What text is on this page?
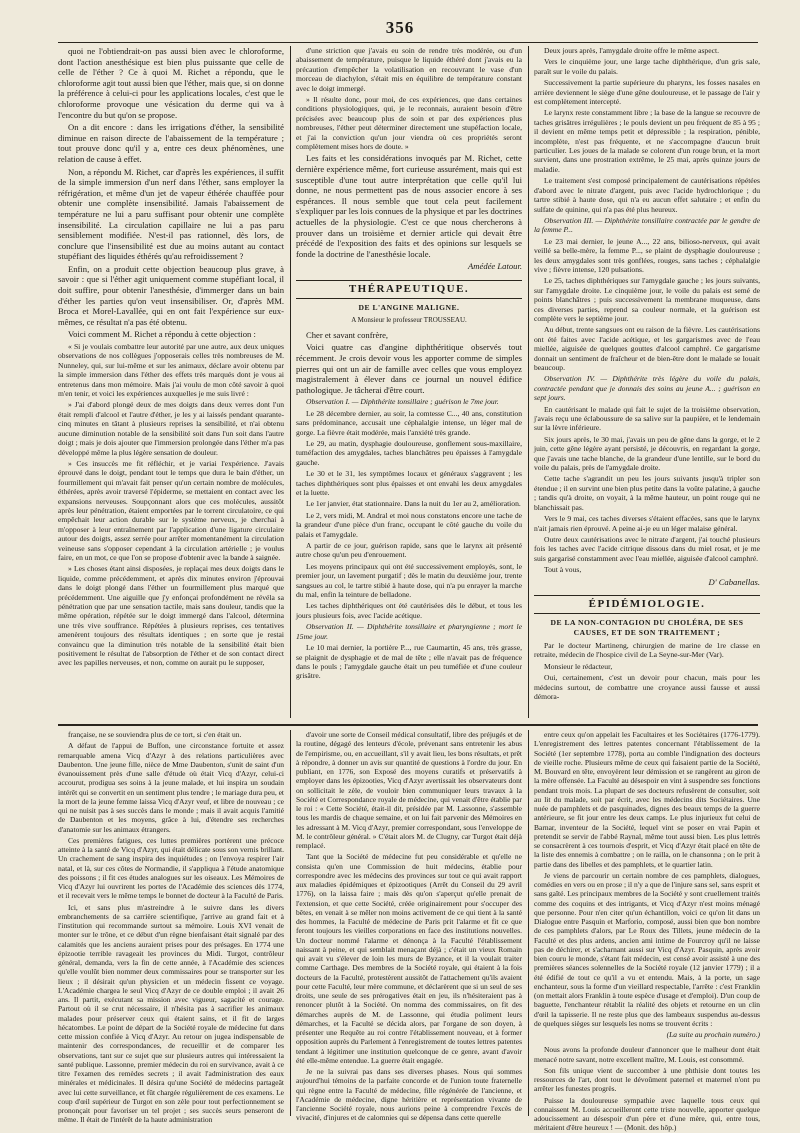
356

quoi ne l'obtiendrait-on pas aussi bien avec le chloroforme, dont l'action anesthésique est bien plus puissante que celle de celle de l'éther ? Ce à quoi M. Richet a répondu, que le chloroforme agit tout aussi bien que l'éther, mais que, si on donne la préférence à celui-ci pour les applications locales, c'est que le chloroforme provoque une vésication du derme qui va à l'encontre du but qu'on se propose.

On a dit encore : dans les irrigations d'éther, la sensibilité diminue en raison directe de l'abaissement de la température ; tout prouve donc qu'il y a, entre ces deux phénomènes, une relation de cause à effet.

Non, a répondu M. Richet, car d'après les expériences, il suffit de la simple immersion d'un nerf dans l'éther, sans employer la réfrigération, et même d'un jet de vapeur éthérée chauffée pour obtenir une complète insensibilité. Jamais l'abaissement de température ne lui a paru suffisant pour obtenir une complète insensibilité. La circulation capillaire ne lui a pas paru sensiblement modifiée. N'est-il pas rationnel, dès lors, de conclure que l'insensibilité est due au moins autant au contact stupéfiant des liquides éthérés qu'au refroidissement ?

Enfin, on a produit cette objection beaucoup plus grave, à savoir : que si l'éther agit uniquement comme stupéfiant local, il doit suffire, pour obtenir l'anesthésie, d'immerger dans un bain d'éther les parties qu'on veut insensibiliser. Or, d'après MM. Broca et Morel-Lavallée, qui en ont fait l'expérience sur eux-mêmes, ce résultat n'a pas été obtenu.

Voici comment M. Richet a répondu à cette objection :

« Si je voulais combattre leur autorité par une autre, aux deux uniques observations de nos collègues j'opposerais celles très nombreuses de M. Nunneley, qui, sur lui-même et sur les animaux, déclare avoir obtenu par la simple immersion dans l'éther des effets très marqués dont je vous ai entretenus dans mon mémoire. Mais j'ai voulu de mon côté savoir à quoi m'en tenir, et voici les expériences auxquelles je me suis livré :

» J'ai d'abord plongé deux de mes doigts dans deux verres dont l'un était rempli d'alcool et l'autre d'éther, je les y ai laissés pendant quarante-cinq minutes en tâtant à plusieurs reprises la sensibilité, et n'ai obtenu aucune diminution notable de la sensibilité soit dans l'un soit dans l'autre doigt ; mais je dois ajouter que l'immersion prolongée dans l'éther m'a pas développé même la plus légère sensation de douleur.

» Ces insuccès me fit réfléchir, et je variai l'expérience. J'avais éprouvé dans le doigt, pendant tout le temps que dura le bain d'éther, un fourmillement qui m'avait fait penser qu'un certain nombre de molécules, éthérées, après avoir traversé l'épiderme, se mettaient en contact avec les expansions nerveuses. Soupçonnant alors que ces molécules, aussitôt après leur pénétration, étaient emportées par le torrent circulatoire, ce qui empêchait leur action durable sur le système nerveux, je cherchai à m'opposer à leur entraînement par l'application d'une ligature circulaire autour des doigts, assez serrée pour arrêter momentanément la circulation veineuse sans s'opposer cependant à la circulation artérielle ; je voulus faire, en un mot, ce que l'on se propose d'obtenir avec la bande à saignée.

» Les choses étant ainsi disposées, je replaçai mes deux doigts dans le liquide, comme précédemment, et après dix minutes environ j'éprouvai dans le doigt plongé dans l'éther un fourmillement plus marqué que précédemment. Une aiguille que j'y enfonçai profondément ne révéla sa pénétration que par une sensation tactile, mais sans douleur, tandis que la même opération, répétée sur le doigt immergé dans l'alcool, détermina une très vive souffrance. Répétées à plusieurs reprises, ces tentatives amenèrent toujours des résultats identiques ; en sorte que je restai convaincu que la diminution très notable de la sensibilité était bien positivement le résultat de l'absorption de l'éther et de son contact direct avec les papilles nerveuses, et non, comme on aurait pu le supposer,

d'une striction que j'avais eu soin de rendre très modérée, ou d'un abaissement de température, puisque le liquide éthéré dont j'avais eu la précaution d'empêcher la volatilisation en recouvrant le vase d'un morceau de diachylon, s'était mis en équilibre de température constant avec le doigt immergé.

» Il résulte donc, pour moi, de ces expériences, que dans certaines conditions physiologiques, qui, je le reconnais, auraient besoin d'être précisées avec beaucoup plus de soin et par des expériences plus nombreuses, l'éther peut déterminer directement une stupéfaction locale, et j'ai la conviction qu'un jour viendra où ces propriétés seront complètement mises hors de doute. »

Les faits et les considérations invoqués par M. Richet, cette dernière expérience même, fort curieuse assurément, mais qui est susceptible d'une tout autre interprétation que celle qu'il lui donne, ne nous permettent pas de nous associer encore à ses espérances. Il nous semble que tout cela peut facilement s'expliquer par les lois connues de la physique et par les doctrines actuelles de la physiologie. C'est ce que nous chercherons à prouver dans un troisième et dernier article qui devait être précédé de l'exposition des faits et des opinions sur lesquels se fonde la doctrine de l'anesthésie locale.

Amédée Latour.

THÉRAPEUTIQUE.
DE L'ANGINE MALIGNE.
A Monsieur le professeur TROUSSEAU.

Cher et savant confrère,

Voici quatre cas d'angine diphthéritique observés tout récemment. Je crois devoir vous les apporter comme de simples pierres qui ont un air de famille avec celles que vous employez magistralement à élever dans ce journal un nouvel édifice pathologique. Je tâcherai d'être court.

Observation I. — Diphthérite tonsillaire ; guérison le 7me jour.

Le 28 décembre dernier, au soir, la comtesse C..., 40 ans, constitution sans prédominance, accusait une céphalalgie intense, un léger mal de gorge. La fièvre était modérée, mais l'anxiété très grande.

Le 29, au matin, dysphagie douloureuse, gonflement sous-maxillaire, tuméfaction des amygdales, taches blanchâtres peu épaisses à l'amygdale gauche.

Le 30 et le 31, les symptômes locaux et généraux s'aggravent ; les taches diphthériques sont plus épaisses et ont envahi les deux amygdales et la luette.

Le 1er janvier, état stationnaire. Dans la nuit du 1er au 2, amélioration.

Le 2, vers midi, M. Andral et moi nous constatons encore une tache de la grandeur d'une pièce d'un franc, occupant le côté gauche du voile du palais et l'amygdale.

A partir de ce jour, guérison rapide, sans que le larynx ait présenté autre chose qu'un peu d'enrouement.

Les moyens principaux qui ont été successivement employés, sont, le premier jour, un lavement purgatif ; dès le matin du deuxième jour, trente sangsues au col, le tartre stibié à haute dose, qui n'a pu enrayer la marche du mal, enfin la teinture de belladone.

Les taches diphthériques ont été cautérisées dès le début, et tous les jours plusieurs fois, avec l'acide acétique.

Observation II. — Diphthérite tonsillaire et pharyngienne ; mort le 15me jour.

Le 10 mai dernier, la portière P..., rue Caumartin, 45 ans, très grasse, se plaignit de dysphagie et de mal de tête ; elle n'avait pas de fréquence dans le pouls ; l'amygdale gauche était un peu tuméfiée et d'une couleur grisâtre.

Deux jours après, l'amygdale droite offre le même aspect.

Vers le cinquième jour, une large tache diphthérique, d'un gris sale, paraît sur le voile du palais.

Successivement la partie supérieure du pharynx, les fosses nasales en arrière deviennent le siège d'une gêne douloureuse, et le passage de l'air y est complètement intercepté.

Le larynx reste constamment libre ; la base de la langue se recouvre de taches grisâtres irrégulières ; le pouls devient un peu fréquent de 85 à 95 ; il devient en même temps petit et dépressible ; la respiration, pénible, incomplète, n'est pas fréquente, et ne s'accompagne d'aucun bruit particulier. Les joues de la malade se colorent d'un rouge brun, et la mort survient, dans une prostration extrême, le 25 mai, après quinze jours de maladie.

Le traitement s'est composé principalement de cautérisations répétées d'abord avec le nitrate d'argent, puis avec l'acide hydrochlorique ; du tartre stibié à haute dose, qui n'a eu aucun effet salutaire ; et enfin du sulfate de quinine, qui n'a pas été plus heureux.

Observation III. — Diphthérite tonsillaire contractée par le gendre de la femme P...

Le 23 mai dernier, le jeune A..., 22 ans, bilioso-nerveux, qui avait veillé sa belle-mère, la femme P..., se plaint de dysphagie douloureuse ; les deux amygdales sont très gonflées, rouges, sans taches ; céphalalgie vive ; fièvre intense, 120 pulsations.

Le 25, taches diphthériques sur l'amygdale gauche ; les jours suivants, sur l'amygdale droite. Le cinquième jour, le voile du palais est semé de points blanchâtres ; puis successivement la membrane muqueuse, dans ces diverses parties, reprend sa couleur normale, et la guérison est complète vers le septième jour.

Au début, trente sangsues ont eu raison de la fièvre. Les cautérisations ont été faites avec l'acide acétique, et les gargarismes avec de l'eau miellée, aiguisée de quelques gouttes d'alcool camphré. Ce gargarisme donnait un sentiment de fraîcheur et de bien-être dont le malade se louait beaucoup.

Observation IV. — Diphthérite très légère du voile du palais, contractée pendant que je donnais des soins au jeune A... ; guérison en sept jours.

En cautérisant le malade qui fait le sujet de la troisième observation, j'avais reçu une éclaboussure de sa salive sur la paupière, et le lendemain sur la lèvre inférieure.

Six jours après, le 30 mai, j'avais un peu de gêne dans la gorge, et le 2 juin, cette gêne légère ayant persisté, je découvris, en regardant la gorge, que j'avais une tache blanche, de la grandeur d'une lentille, sur le bord du voile du palais, près de l'amygdale droite.

Cette tache s'agrandit un peu les jours suivants jusqu'à tripler son étendue ; il en survint une bien plus petite dans la voûte palatine, à gauche ; tandis qu'à droite, on voyait, à la même hauteur, un point rouge qui ne blanchissait pas.

Vers le 9 mai, ces taches diverses s'étaient effacées, sans que le larynx n'ait jamais rien éprouvé. A peine ai-je eu un léger malaise général.

Outre deux cautérisations avec le nitrate d'argent, j'ai touché plusieurs fois les taches avec l'acide citrique dissous dans du miel rosat, et je me suis gargarisé constamment avec l'eau miellée, aiguisée d'alcool camphré.

Tout à vous,

D' Cabanellas.

ÉPIDÉMIOLOGIE.
DE LA NON-CONTAGION DU CHOLÉRA, DE SES CAUSES, ET DE SON TRAITEMENT ;

Par le docteur Martineng, chirurgien de marine de 1re classe en retraite, médecin de l'hospice civil de La Seyne-sur-Mer (Var).

Monsieur le rédacteur,

Oui, certainement, c'est un devoir pour chacun, mais pour les médecins surtout, de combattre une croyance aussi fausse et aussi démora-

française, ne se souviendra plus de ce tort, si c'en était un.

A défaut de l'appui de Buffon, une circonstance fortuite et assez remarquable amena Vicq d'Azyr à des relations particulières avec Daubenton. Une jeune fille, nièce de Mme Daubenton, s'unit de saint d'un évanouissement près d'une salle d'étude où était Vicq d'Azyr, celui-ci accourut, prodigua ses soins à la jeune malade, et lui inspira un soudain intérêt qui se convertit en un sentiment plus tendre ; le mariage dura peu, et la mort de la jeune femme laissa Vicq d'Azyr veuf, et libre de nouveau ; ce qui ne nuisit pas à ses succès dans le monde ; mais il avait acquis l'amitié de Daubenton et les moyens, grâce à lui, d'étendre ses recherches d'anatomie sur les animaux étrangers.

Ces premières fatigues, ces luttes premières portèrent une précoce atteinte à la santé de Vicq d'Azyr, qui était délicate sous son vernis brillant. Un crachement de sang inspira des inquiétudes ; on l'envoya respirer l'air natal, et là, sur ces côtes de Normandie, il s'appliqua à l'étude anatomique des poissons ; il fit ces études analogues sur les oiseaux. Les Mémoires de Vicq d'Azyr lui ouvrirent les portes de l'Académie des sciences dès 1774, et il recevait vers le même temps le bonnet de docteur à la Faculté de Paris.

Ici, et sans plus m'astreindre à le suivre dans les divers embranchements de sa carrière scientifique, j'arrive au grand fait et à l'institution qui recommande surtout sa mémoire. Louis XVI venait de monter sur le trône, et ce début d'un règne bienfaisant était signalé par des calamités que les anciens auraient prises pour des présages. En 1774 une épizootie terrible ravageait les provinces du Midi. Turgot, contrôleur général, demanda, vers la fin de cette année, à l'Académie des sciences qu'elle voulût bien nommer deux commissaires pour se transporter sur les lieux ; il désirait qu'un physicien et un médecin fissent ce voyage. L'Académie chargea le seul Vicq d'Azyr de ce double emploi ; il avait 26 ans. Il partit, exécutant sa mission avec vigueur, sagacité et courage. Partout où il se crut nécessaire, il n'hésita pas à sacrifier les animaux malades pour préserver ceux qui étaient sains, et il fit de larges hécatombes. Le point de départ de la Société royale de médecine fut dans cette mission confiée à Vicq d'Azyr. Au retour on jugea indispensable de maintenir des correspondances, de recueillir et de comparer les observations, tant sur ce sujet que sur plusieurs autres qui intéressaient la santé publique. Lassonne, premier médecin du roi en survivance, avait à ce titre l'examen des remèdes secrets ; il avait l'administration des eaux minérales et médicinales. Il désira qu'une Société de médecins partageât avec lui cette surveillance, et fût chargée régulièrement de ces examens. Le coup d'œil supérieur de Turgot en son zèle pour tout perfectionnement se prononçait pour favoriser un tel projet ; ses succès seurs penseront de même. Il était de l'intérêt de la haute administration

d'avoir une sorte de Conseil médical consultatif, libre des préjugés et de la routine, dégagé des lenteurs d'école, prévenant sans entretenir les abus de l'empirisme, ou, en accueillant, s'il y avait lieu, les bons résultats, et prêt à répondre, à donner un avis sur quantité de questions à l'ordre du jour. En publiant, en 1776, son Exposé des moyens curatifs et préservatifs à employer dans les épizooties, Vicq d'Azyr avertissait les observateurs dont on sollicitait le zèle, de vouloir bien communiquer leurs travaux à la Société et Correspondance royale de médecine, qui venait d'être établie par le roi : « Cette Société, était-il dit, présidée par M. Lassonne, s'assemble tous les mardis de chaque semaine, et on lui fait parvenir des Mémoires en les adressant à M. Vicq d'Azyr, premier correspondant, sous l'enveloppe de M. le contrôleur général. » C'était alors M. de Clugny, car Turgot était déjà remplacé.

Tant que la Société de médecine fut peu considérable et qu'elle ne consista qu'en une Commission de huit médecins, établie pour correspondre avec les médecins des provinces sur tout ce qui avait rapport aux maladies épidémiques et épizootiques (Arrêt du Conseil du 29 avril 1776), on la laissa faire ; mais dès qu'on s'aperçut qu'elle prenait de l'extension, et que cette Société, créée originairement pour s'occuper des bêtes, en venait à se mêler non moins activement de ce qui tient à la santé des hommes, la Faculté de médecine de Paris prit l'alarme et fit ce que feront toujours les vieilles corporations en face des institutions nouvelles. Un docteur nommé l'alarme et dénonça à la Faculté l'établissement naissant à peine, et qui semblait menaçant déjà ; c'était un vieux Romain qui avait vu s'élever de loin les murs de Byzance, et il la voulait traiter comme Carthage. Des membres de la Société royale, qui étaient à la fois docteurs de la Faculté, protestèrent aussitôt de l'attachement qu'ils avaient pour cette Faculté, leur mère commune, et déclarèrent que si un seul de ses droits, une seule de ses prérogatives était en jeu, ils n'hésiteraient pas à renoncer plutôt à la Société. On nomma des commissaires, on fit des démarches auprès de M. de Lassonne, qui étudia poliment leurs démarches, et la Faculté se décida alors, par l'organe de son doyen, à présenter une Requête au roi contre l'établissement nouveau, et à former opposition auprès du Parlement à l'enregistrement de toutes lettres patentes tendant à légitimer une institution quelconque de ce genre, avant d'avoir été elle-même entendue. La guerre était engagée.

Je ne la suivrai pas dans ses diverses phases. Nous qui sommes aujourd'hui témoins de la parfaite concorde et de l'union toute fraternelle qui règne entre la Faculté de médecine, fille régénérée de l'ancienne, et l'Académie de médecine, digne héritière et représentation vivante de l'ancienne Société royale, nous aurions peine à comprendre l'excès de vivacité, d'injures et de calomnies qui se dépensa dans cette querelle

entre ceux qu'on appelait les Facultaires et les Sociétaires (1776-1779). L'enregistrement des lettres patentes concernant l'établissement de la Société (1er septembre 1778), porta au comble l'indignation des docteurs de vieille roche. Plusieurs même de ceux qui faisaient partie de la Société, M. Bouvard en tête, envoyèrent leur démission et se rangèrent au giron de la mère offensée. La Faculté au désespoir en vint à suspendre ses fonctions pendant trois mois. La plupart de ses docteurs refusèrent de consulter, soit au lit du malade, soit par écrit, avec les médecins dits Sociétaires. Une nuée de pamphlets et de pasquinades, dignes des beaux temps de la guerre antérieure, se fit jour entre les deux camps. Le plus injurieux fut celui de Barnar, inventeur de la Société, lequel vint se poser en vrai Papin et pretendit se servir de l'abbé Raynal, même tout aussi bien. Les plus lettrés se consacrèrent à ces tournois d'esprit, et Vicq d'Azyr était placé en tête de la liste des ennemis à combattre ; on le railla, on le chansonna ; on le prit à partie dans des libelles et des pamphlets, et le quartier latin.

Je viens de parcourir un certain nombre de ces pamphlets, dialogues, comédies en vers ou en prose ; il n'y a que de l'injure sans sel, sans esprit et sans gaîté. Les principaux membres de la Société y sont cruellement traités comme des coquins et des intrigants, et Vicq d'Azyr n'est moins ménagé que personne. Pour n'en citer qu'un échantillon, voici ce qu'on lit dans un Dialogue entre Pasquin et Marforio, composé, aussi bien que bon nombre de ces pamphlets d'alors, par Le Roux des Tillets, jeune médecin de la Faculté et des plus ardens, ancien ami intime de Fourcroy qu'il ne laisse pas de déchirer, et s'acharnant aussi sur Vicq d'Azyr. Pasquin, après avoir bien couru le monde, s'étant fait médecin, est censé avoir assisté à une des premières séances solennelles de la Société royale (12 janvier 1779) ; il a été édifié de tout ce qu'il a vu et entendu. Mais, à la porte, un sage enchanteur, sous la forme d'un vieillard respectable, l'arrête : c'est Franklin (on mettait alors Franklin à toute espèce d'usage et d'emploi). D'un coup de baguette, l'enchanteur rétablit la réalité des objets et retourne en un clin d'œil la tapisserie. Il ne reste plus que des lambeaux suspendus au-dessus de quelques sièges sur lesquels les noms se trouvent écrits :

(La suite au prochain numéro.)

Nous avons la profonde douleur d'annoncer que le malheur dont était menacé notre savant, notre excellent maître, M. Louis, est consommé.

Son fils unique vient de succomber à une phthisie dont toutes les ressources de l'art, dont tout le dévoûment paternel et maternel n'ont pu arrêter les funestes progrès.

Puisse la douloureuse sympathie avec laquelle tous ceux qui connaissent M. Louis accueilleront cette triste nouvelle, apporter quelque adoucissement au désespoir d'un père et d'une mère, qui, entre tous, méritaient d'être heureux ! — (Monit. des hôp.)
